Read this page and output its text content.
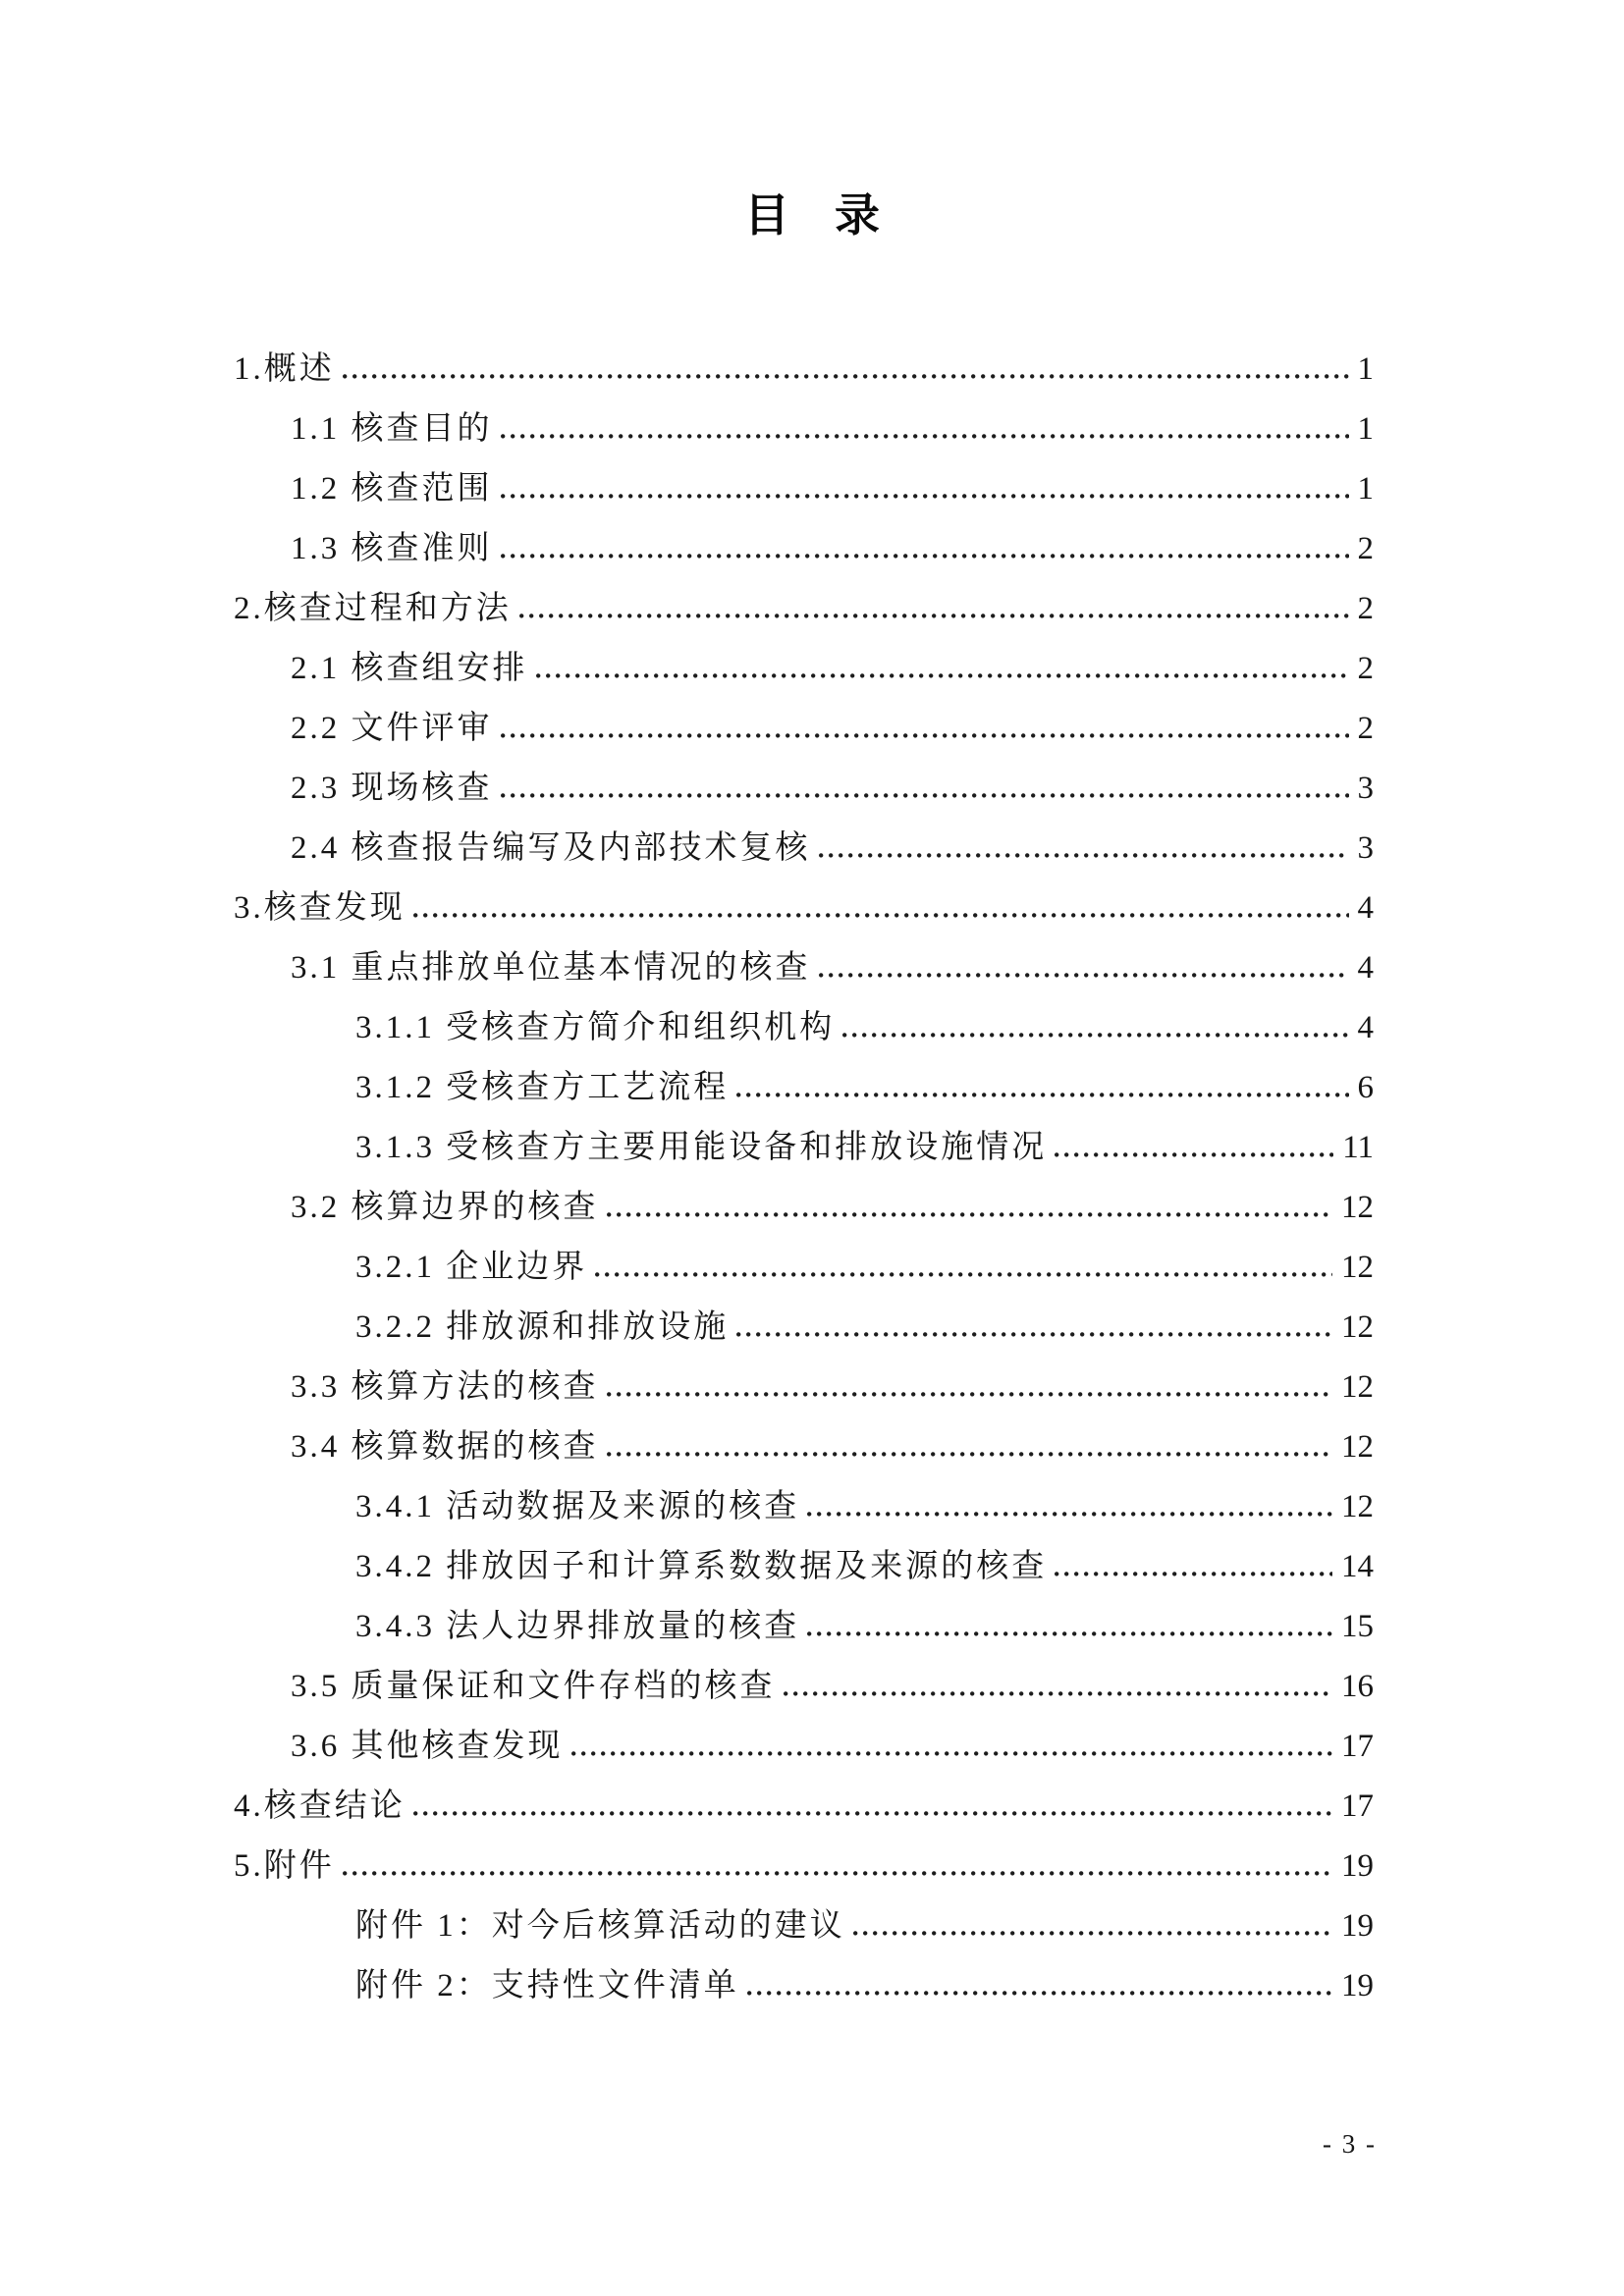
目　录
1.概述	1
1.1 核查目的	1
1.2 核查范围	1
1.3 核查准则	2
2.核查过程和方法	2
2.1 核查组安排	2
2.2 文件评审	2
2.3 现场核查	3
2.4 核查报告编写及内部技术复核	3
3.核查发现	4
3.1 重点排放单位基本情况的核查	4
3.1.1 受核查方简介和组织机构	4
3.1.2 受核查方工艺流程	6
3.1.3 受核查方主要用能设备和排放设施情况	11
3.2 核算边界的核查	12
3.2.1 企业边界	12
3.2.2 排放源和排放设施	12
3.3 核算方法的核查	12
3.4 核算数据的核查	12
3.4.1 活动数据及来源的核查	12
3.4.2 排放因子和计算系数数据及来源的核查	14
3.4.3 法人边界排放量的核查	15
3.5 质量保证和文件存档的核查	16
3.6 其他核查发现	17
4.核查结论	17
5.附件	19
附件 1：对今后核算活动的建议	19
附件 2：支持性文件清单	19
- 3 -
